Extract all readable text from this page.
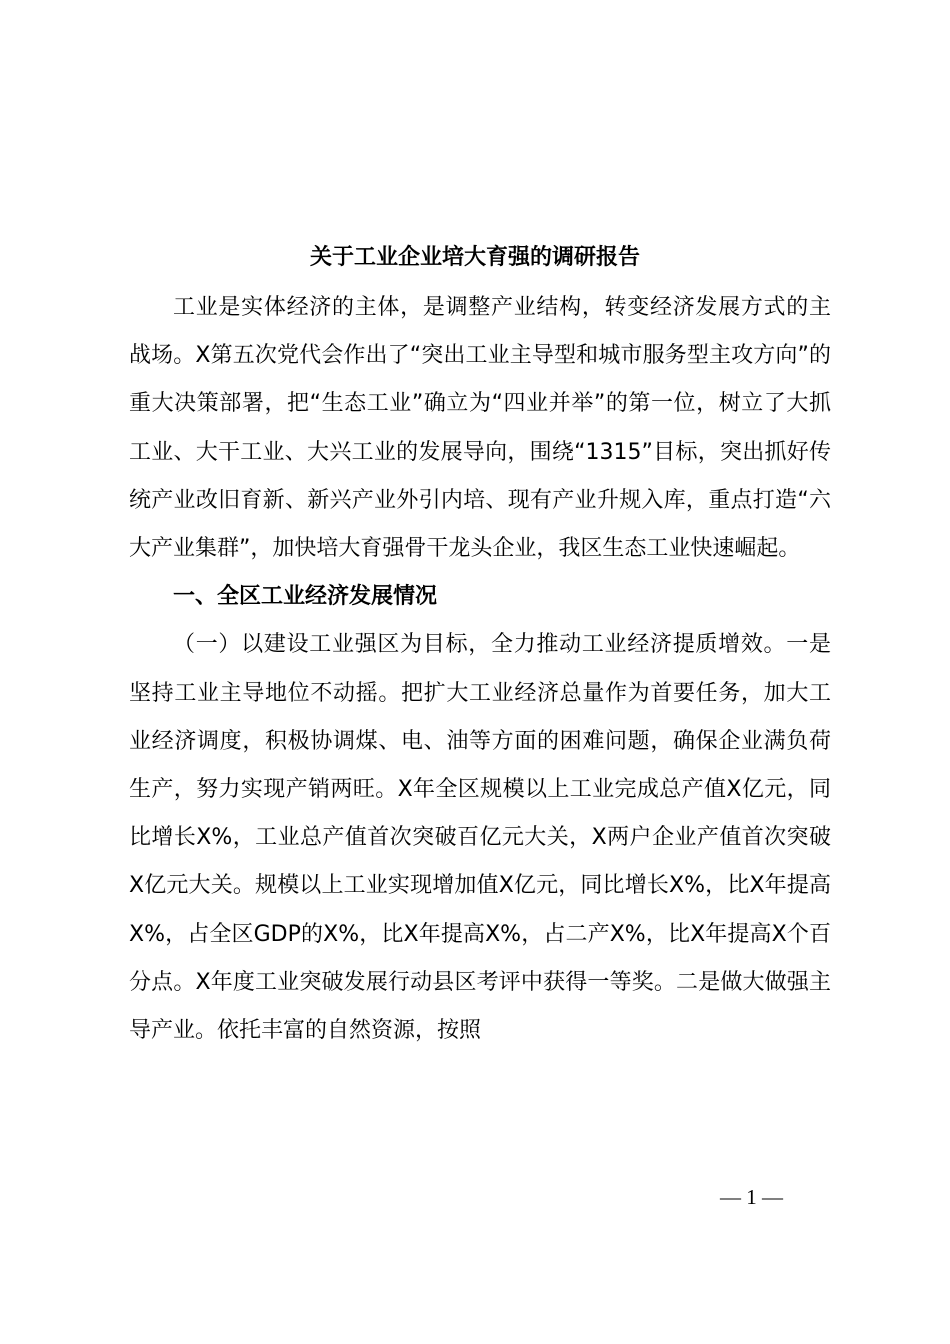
关于工业企业培大育强的调研报告

工业是实体经济的主体，是调整产业结构，转变经济发展方式的主战场。X第五次党代会作出了“突出工业主导型和城市服务型主攻方向”的重大决策部署，把“生态工业”确立为“四业并举”的第一位，树立了大抓工业、大干工业、大兴工业的发展导向，围绕“1315”目标，突出抓好传统产业改旧育新、新兴产业外引内培、现有产业升规入库，重点打造“六大产业集群”，加快培大育强骨干龙头企业，我区生态工业快速崛起。

一、全区工业经济发展情况

（一）以建设工业强区为目标，全力推动工业经济提质增效。一是坚持工业主导地位不动摇。把扩大工业经济总量作为首要任务，加大工业经济调度，积极协调煤、电、油等方面的困难问题，确保企业满负荷生产，努力实现产销两旺。X年全区规模以上工业完成总产值X亿元，同比增长X%，工业总产值首次突破百亿元大关，X两户企业产值首次突破X亿元大关。规模以上工业实现增加值X亿元，同比增长X%，比X年提高X%，占全区GDP的X%，比X年提高X%，占二产X%，比X年提高X个百分点。X年度工业突破发展行动县区考评中获得一等奖。二是做大做强主导产业。依托丰富的自然资源，按照

— 1 —
